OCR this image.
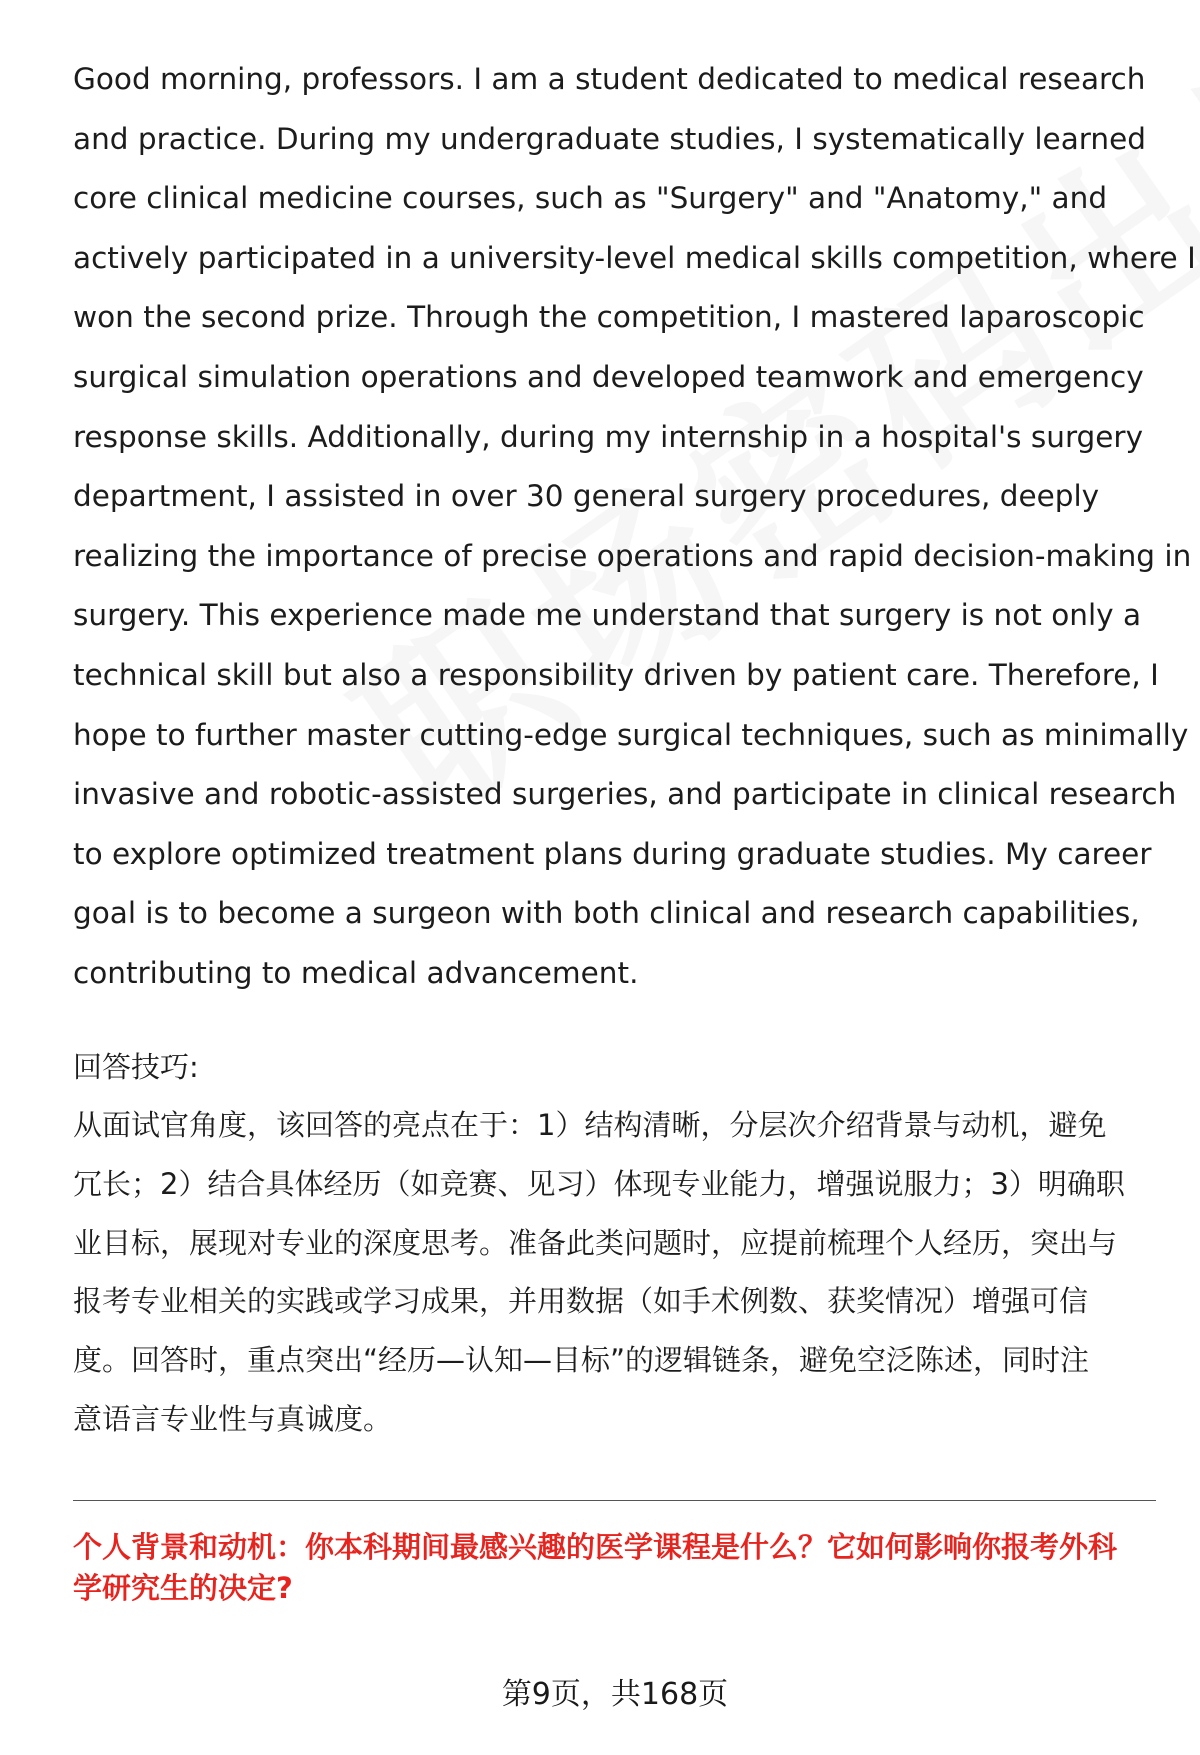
Good morning, professors. I am a student dedicated to medical research
and practice. During my undergraduate studies, I systematically learned
core clinical medicine courses, such as "Surgery" and "Anatomy," and
actively participated in a university-level medical skills competition, where I
won the second prize. Through the competition, I mastered laparoscopic
surgical simulation operations and developed teamwork and emergency
response skills. Additionally, during my internship in a hospital's surgery
department, I assisted in over 30 general surgery procedures, deeply
realizing the importance of precise operations and rapid decision-making in
surgery. This experience made me understand that surgery is not only a
technical skill but also a responsibility driven by patient care. Therefore, I
hope to further master cutting-edge surgical techniques, such as minimally
invasive and robotic-assisted surgeries, and participate in clinical research
to explore optimized treatment plans during graduate studies. My career
goal is to become a surgeon with both clinical and research capabilities,
contributing to medical advancement.

回答技巧:

从面试官角度，该回答的亮点在于：1）结构清晰，分层次介绍背景与动机，避免
冗长；2）结合具体经历（如竞赛、见习）体现专业能力，增强说服力；3）明确职
业目标，展现对专业的深度思考。准备此类问题时，应提前梳理个人经历，突出与
报考专业相关的实践或学习成果，并用数据（如手术例数、获奖情况）增强可信
度。回答时，重点突出“经历—认知—目标”的逻辑链条，避免空泛陈述，同时注
意语言专业性与真诚度。

个人背景和动机：你本科期间最感兴趣的医学课程是什么？它如何影响你报考外科
学研究生的决定?

第9页，共168页
